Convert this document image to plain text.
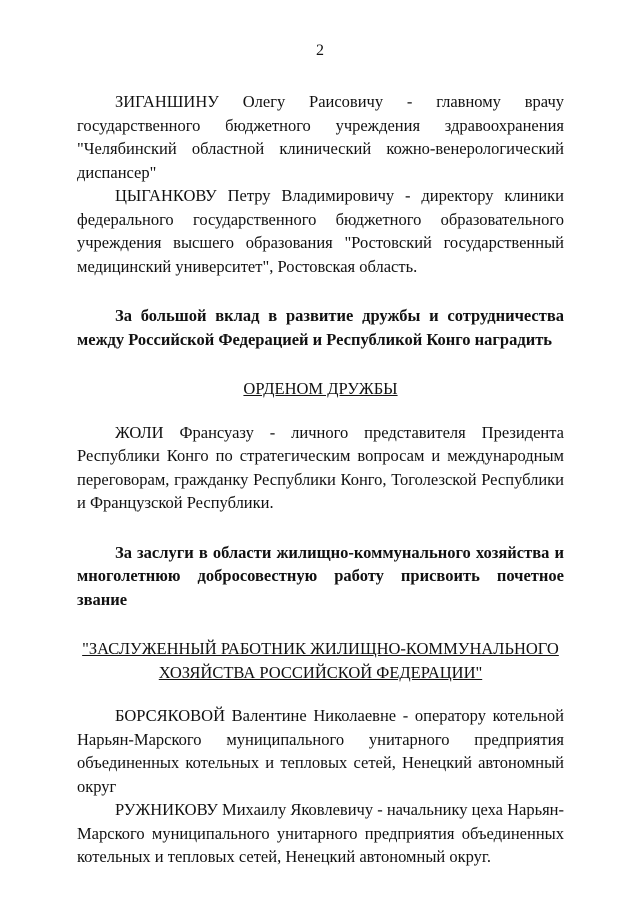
2

ЗИГАНШИНУ Олегу Раисовичу - главному врачу государственного бюджетного учреждения здравоохранения "Челябинский областной клинический кожно-венерологический диспансер"

ЦЫГАНКОВУ Петру Владимировичу - директору клиники федерального государственного бюджетного образовательного учреждения высшего образования "Ростовский государственный медицинский университет", Ростовская область.

За большой вклад в развитие дружбы и сотрудничества между Российской Федерацией и Республикой Конго наградить

ОРДЕНОМ ДРУЖБЫ

ЖОЛИ Франсуазу - личного представителя Президента Республики Конго по стратегическим вопросам и международным переговорам, гражданку Республики Конго, Тоголезской Республики и Французской Республики.

За заслуги в области жилищно-коммунального хозяйства и многолетнюю добросовестную работу присвоить почетное звание

"ЗАСЛУЖЕННЫЙ РАБОТНИК ЖИЛИЩНО-КОММУНАЛЬНОГО

ХОЗЯЙСТВА РОССИЙСКОЙ ФЕДЕРАЦИИ"

БОРСЯКОВОЙ Валентине Николаевне - оператору котельной Нарьян-Марского муниципального унитарного предприятия объединенных котельных и тепловых сетей, Ненецкий автономный округ

РУЖНИКОВУ Михаилу Яковлевичу - начальнику цеха Нарьян-Марского муниципального унитарного предприятия объединенных котельных и тепловых сетей, Ненецкий автономный округ.
